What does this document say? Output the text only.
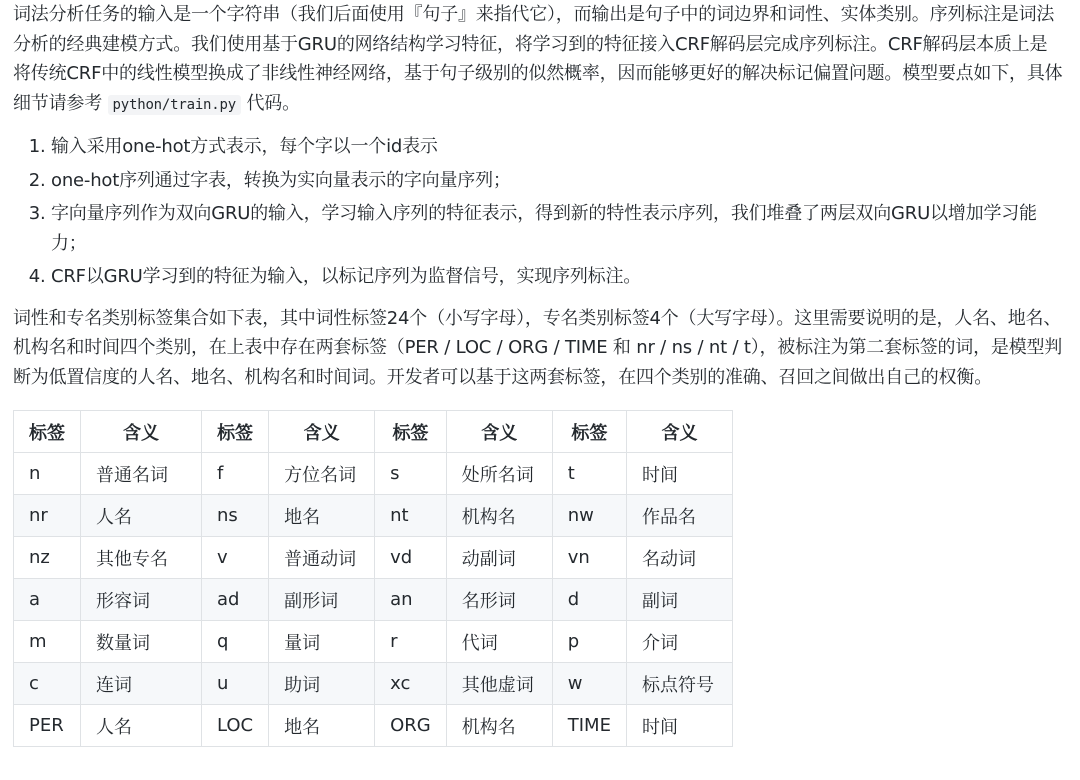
词法分析任务的输入是一个字符串（我们后面使用『句子』来指代它），而输出是句子中的词边界和词性、实体类别。序列标注是词法分析的经典建模方式。我们使用基于GRU的网络结构学习特征，将学习到的特征接入CRF解码层完成序列标注。CRF解码层本质上是将传统CRF中的线性模型换成了非线性神经网络，基于句子级别的似然概率，因而能够更好的解决标记偏置问题。模型要点如下，具体细节请参考 python/train.py 代码。

1. 输入采用one-hot方式表示，每个字以一个id表示
2. one-hot序列通过字表，转换为实向量表示的字向量序列；
3. 字向量序列作为双向GRU的输入，学习输入序列的特征表示，得到新的特性表示序列，我们堆叠了两层双向GRU以增加学习能力；
4. CRF以GRU学习到的特征为输入，以标记序列为监督信号，实现序列标注。

词性和专名类别标签集合如下表，其中词性标签24个（小写字母），专名类别标签4个（大写字母）。这里需要说明的是，人名、地名、机构名和时间四个类别，在上表中存在两套标签（PER / LOC / ORG / TIME 和 nr / ns / nt / t），被标注为第二套标签的词，是模型判断为低置信度的人名、地名、机构名和时间词。开发者可以基于这两套标签，在四个类别的准确、召回之间做出自己的权衡。

标签	含义	标签	含义	标签	含义	标签	含义
n	普通名词	f	方位名词	s	处所名词	t	时间
nr	人名	ns	地名	nt	机构名	nw	作品名
nz	其他专名	v	普通动词	vd	动副词	vn	名动词
a	形容词	ad	副形词	an	名形词	d	副词
m	数量词	q	量词	r	代词	p	介词
c	连词	u	助词	xc	其他虚词	w	标点符号
PER	人名	LOC	地名	ORG	机构名	TIME	时间
